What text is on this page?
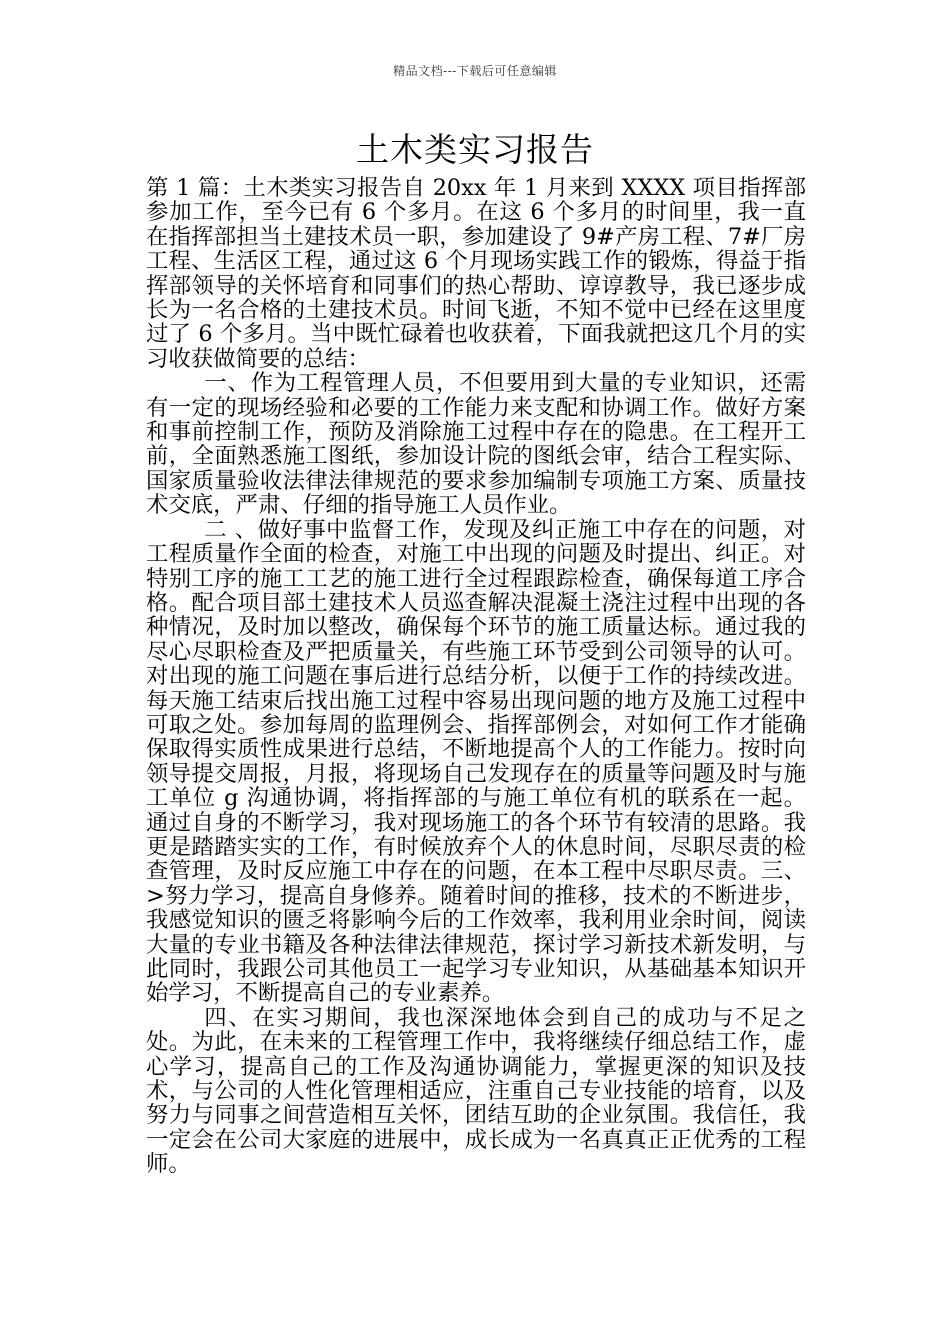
精品文档---下载后可任意编辑
土木类实习报告

第 1 篇：土木类实习报告自 20xx 年 1 月来到 XXXX 项目指挥部参加工作，至今已有 6 个多月。在这 6 个多月的时间里，我一直在指挥部担当土建技术员一职，参加建设了 9#产房工程、7#厂房工程、生活区工程，通过这 6 个月现场实践工作的锻炼，得益于指挥部领导的关怀培育和同事们的热心帮助、谆谆教导，我已逐步成长为一名合格的土建技术员。时间飞逝，不知不觉中已经在这里度过了 6 个多月。当中既忙碌着也收获着，下面我就把这几个月的实习收获做简要的总结：

一、作为工程管理人员，不但要用到大量的专业知识，还需有一定的现场经验和必要的工作能力来支配和协调工作。做好方案和事前控制工作，预防及消除施工过程中存在的隐患。在工程开工前，全面熟悉施工图纸，参加设计院的图纸会审，结合工程实际、国家质量验收法律法律规范的要求参加编制专项施工方案、质量技术交底，严肃、仔细的指导施工人员作业。

二 、做好事中监督工作，发现及纠正施工中存在的问题，对工程质量作全面的检查，对施工中出现的问题及时提出、纠正。对特别工序的施工工艺的施工进行全过程跟踪检查，确保每道工序合格。配合项目部土建技术人员巡查解决混凝土浇注过程中出现的各种情况，及时加以整改，确保每个环节的施工质量达标。通过我的尽心尽职检查及严把质量关，有些施工环节受到公司领导的认可。对出现的施工问题在事后进行总结分析，以便于工作的持续改进。每天施工结束后找出施工过程中容易出现问题的地方及施工过程中可取之处。参加每周的监理例会、指挥部例会，对如何工作才能确保取得实质性成果进行总结，不断地提高个人的工作能力。按时向领导提交周报，月报，将现场自己发现存在的质量等问题及时与施工单位 g 沟通协调，将指挥部的与施工单位有机的联系在一起。 通过自身的不断学习，我对现场施工的各个环节有较清的思路。我更是踏踏实实的工作，有时候放弃个人的休息时间，尽职尽责的检查管理，及时反应施工中存在的问题，在本工程中尽职尽责。三、>努力学习，提高自身修养。随着时间的推移，技术的不断进步，我感觉知识的匮乏将影响今后的工作效率，我利用业余时间，阅读大量的专业书籍及各种法律法律规范，探讨学习新技术新发明，与此同时，我跟公司其他员工一起学习专业知识，从基础基本知识开始学习，不断提高自己的专业素养。

四、在实习期间，我也深深地体会到自己的成功与不足之处。为此，在未来的工程管理工作中，我将继续仔细总结工作，虚心学习，提高自己的工作及沟通协调能力，掌握更深的知识及技术，与公司的人性化管理相适应，注重自己专业技能的培育，以及努力与同事之间营造相互关怀，团结互助的企业氛围。我信任，我一定会在公司大家庭的进展中，成长成为一名真真正正优秀的工程师。
